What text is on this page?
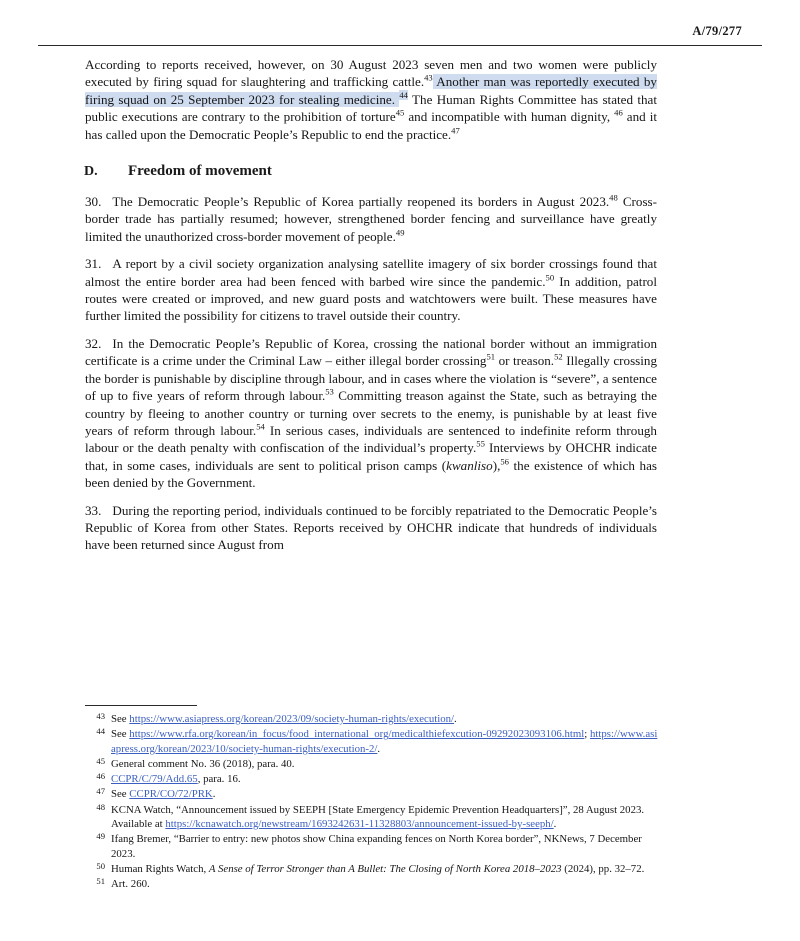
A/79/277

According to reports received, however, on 30 August 2023 seven men and two women were publicly executed by firing squad for slaughtering and trafficking cattle.$^{43}$ Another man was reportedly executed by firing squad on 25 September 2023 for stealing medicine. $^{44}$ The Human Rights Committee has stated that public executions are contrary to the prohibition of torture$^{45}$ and incompatible with human dignity, $^{46}$ and it has called upon the Democratic People’s Republic to end the practice.$^{47}$

D.	Freedom of movement

30. The Democratic People’s Republic of Korea partially reopened its borders in August 2023.48 Cross-border trade has partially resumed; however, strengthened border fencing and surveillance have greatly limited the unauthorized cross-border movement of people.$^{49}$

31. A report by a civil society organization analysing satellite imagery of six border crossings found that almost the entire border area had been fenced with barbed wire since the pandemic.$^{50}$ In addition, patrol routes were created or improved, and new guard posts and watchtowers were built. These measures have further limited the possibility for citizens to travel outside their country.

32. In the Democratic People’s Republic of Korea, crossing the national border without an immigration certificate is a crime under the Criminal Law – either illegal border crossing$^{51}$ or treason.$^{52}$ Illegally crossing the border is punishable by discipline through labour, and in cases where the violation is “severe”, a sentence of up to five years of reform through labour.$^{53}$ Committing treason against the State, such as betraying the country by fleeing to another country or turning over secrets to the enemy, is punishable by at least five years of reform through labour.$^{54}$ In serious cases, individuals are sentenced to indefinite reform through labour or the death penalty with confiscation of the individual’s property.$^{55}$ Interviews by OHCHR indicate that, in some cases, individuals are sent to political prison camps (kwanliso),$^{56}$ the existence of which has been denied by the Government.

33. During the reporting period, individuals continued to be forcibly repatriated to the Democratic People’s Republic of Korea from other States. Reports received by OHCHR indicate that hundreds of individuals have been returned since August from

43 See https://www.asiapress.org/korean/2023/09/society-human-rights/execution/.
44 See https://www.rfa.org/korean/in_focus/food_international_org/medicalthiefexcution-09292023093106.html; https://www.asiapress.org/korean/2023/10/society-human-rights/execution-2/.
45 General comment No. 36 (2018), para. 40.
46 CCPR/C/79/Add.65, para. 16.
47 See CCPR/CO/72/PRK.
48 KCNA Watch, “Announcement issued by SEEPH [State Emergency Epidemic Prevention Headquarters]”, 28 August 2023. Available at https://kcnawatch.org/newstream/1693242631-11328803/announcement-issued-by-seeph/.
49 Ifang Bremer, “Barrier to entry: new photos show China expanding fences on North Korea border”, NKNews, 7 December 2023.
50 Human Rights Watch, A Sense of Terror Stronger than A Bullet: The Closing of North Korea 2018–2023 (2024), pp. 32–72.
51 Art. 260.
